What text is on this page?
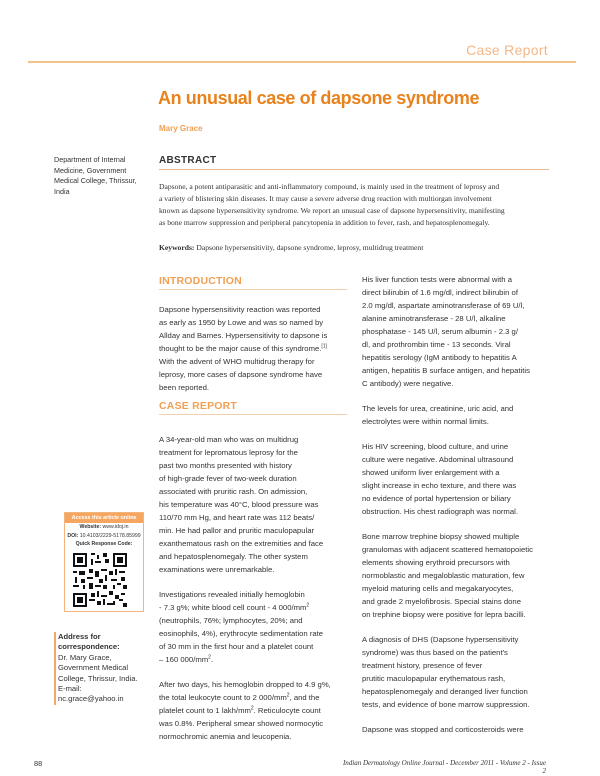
Case Report
An unusual case of dapsone syndrome
Mary Grace
Department of Internal
Medicine, Government
Medical College, Thrissur,
India
ABSTRACT
Dapsone, a potent antiparasitic and anti-inflammatory compound, is mainly used in the treatment of leprosy and
a variety of blistering skin diseases. It may cause a severe adverse drug reaction with multiorgan involvement
known as dapsone hypersensitivity syndrome. We report an unusual case of dapsone hypersensitivity, manifesting
as bone marrow suppression and peripheral pancytopenia in addition to fever, rash, and hepatosplenomegaly.
Keywords: Dapsone hypersensitivity, dapsone syndrome, leprosy, multidrug treatment
INTRODUCTION
Dapsone hypersensitivity reaction was reported
as early as 1950 by Lowe and was so named by
Allday and Barnes. Hypersensitivity to dapsone is
thought to be the major cause of this syndrome.[1]
With the advent of WHO multidrug therapy for
leprosy, more cases of dapsone syndrome have
been reported.
CASE REPORT

A 34-year-old man who was on multidrug
treatment for lepromatous leprosy for the
past two months presented with history
of high-grade fever of two-week duration
associated with pruritic rash. On admission,
his temperature was 40°C, blood pressure was
110/70 mm Hg, and heart rate was 112 beats/
min. He had pallor and pruritic maculopapular
exanthematous rash on the extremities and face
and hepatosplenomegaly. The other system
examinations were unremarkable.

Investigations revealed initially hemoglobin
- 7.3 g%; white blood cell count - 4 $000/mm^2$
(neutrophils, 76%; lymphocytes, 20%; and
eosinophils, 4%), erythrocyte sedimentation rate
of 30 mm in the first hour and a platelet count
– 160 $000/mm^2$.

After two days, his hemoglobin dropped to 4.9 g%,
the total leukocyte count to 2 $000/mm^2$, and the
platelet count to 1 lakh/$mm^2$. Reticulocyte count
was 0.8%. Peripheral smear showed normocytic
normochromic anemia and leucopenia.

His liver function tests were abnormal with a
direct bilirubin of 1.6 mg/dl, indirect bilirubin of
2.0 mg/dl, aspartate aminotransferase of 69 U/l,
alanine aminotransferase - 28 U/l, alkaline
phosphatase - 145 U/l, serum albumin - 2.3 g/
dl, and prothrombin time - 13 seconds. Viral
hepatitis serology (IgM antibody to hepatitis A
antigen, hepatitis B surface antigen, and hepatitis
C antibody) were negative.

The levels for urea, creatinine, uric acid, and
electrolytes were within normal limits.

His HIV screening, blood culture, and urine
culture were negative. Abdominal ultrasound
showed uniform liver enlargement with a
slight increase in echo texture, and there was
no evidence of portal hypertension or biliary
obstruction. His chest radiograph was normal.

Bone marrow trephine biopsy showed multiple
granulomas with adjacent scattered hematopoietic
elements showing erythroid precursors with
normoblastic and megaloblastic maturation, few
myeloid maturing cells and megakaryocytes,
and grade 2 myelofibrosis. Special stains done
on trephine biopsy were positive for lepra bacilli.

A diagnosis of DHS (Dapsone hypersensitivity
syndrome) was thus based on the patient's
treatment history, presence of fever
prutitic maculopapular erythematous rash,
hepatosplenomegaly and deranged liver function
tests, and evidence of bone marrow suppression.

Dapsone was stopped and corticosteroids were

Access this article online
Website: www.idoj.in
DOI: 10.4103/2229-5178.85999
Quick Response Code:
Address for
correspondence:
Dr. Mary Grace,
Government Medical
College, Thrissur, India.
E-mail:
nc.grace@yahoo.in
88	Indian Dermatology Online Journal - December 2011 - Volume 2 - Issue 2
